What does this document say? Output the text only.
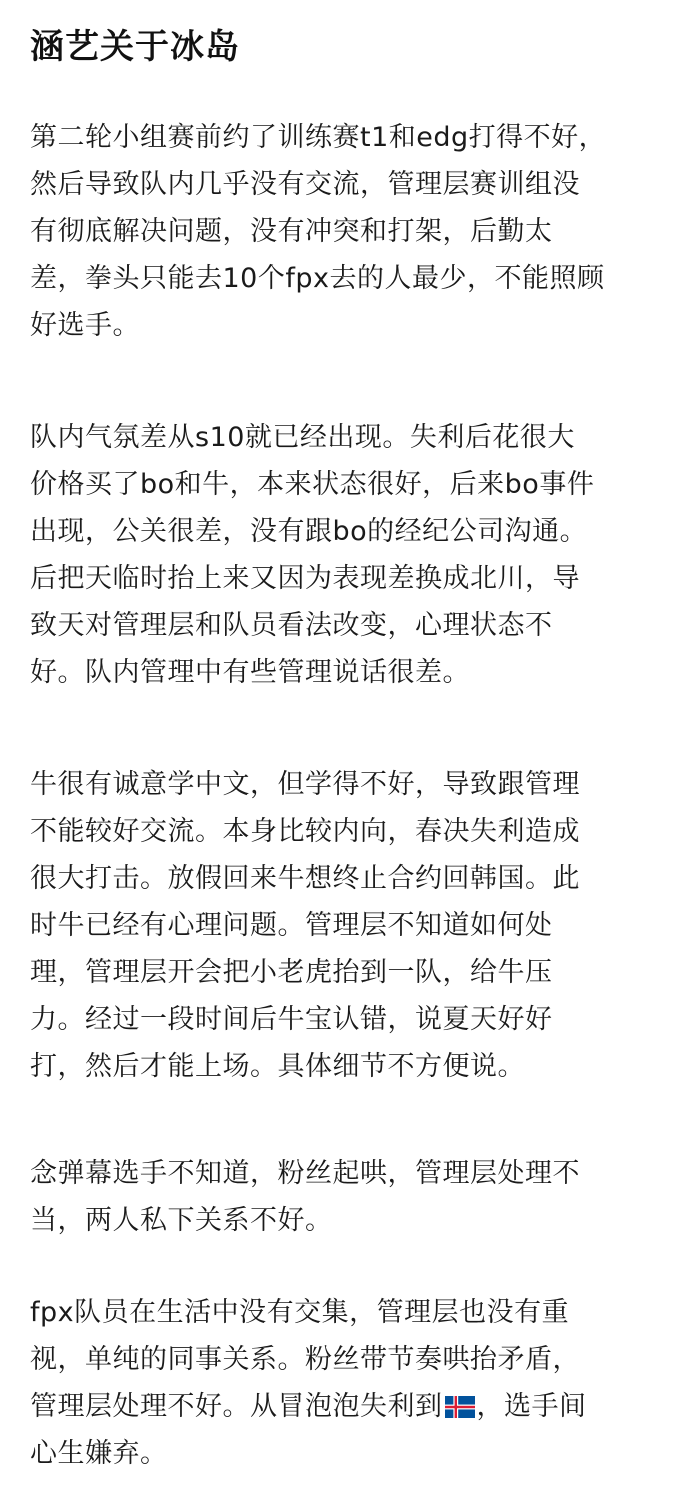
涵艺关于冰岛
第二轮小组赛前约了训练赛t1和edg打得不好，
然后导致队内几乎没有交流，管理层赛训组没
有彻底解决问题，没有冲突和打架，后勤太
差，拳头只能去10个fpx去的人最少，不能照顾
好选手。
队内气氛差从s10就已经出现。失利后花很大
价格买了bo和牛，本来状态很好，后来bo事件
出现，公关很差，没有跟bo的经纪公司沟通。
后把天临时抬上来又因为表现差换成北川，导
致天对管理层和队员看法改变，心理状态不
好。队内管理中有些管理说话很差。
牛很有诚意学中文，但学得不好，导致跟管理
不能较好交流。本身比较内向，春决失利造成
很大打击。放假回来牛想终止合约回韩国。此
时牛已经有心理问题。管理层不知道如何处
理，管理层开会把小老虎抬到一队，给牛压
力。经过一段时间后牛宝认错，说夏天好好
打，然后才能上场。具体细节不方便说。
念弹幕选手不知道，粉丝起哄，管理层处理不
当，两人私下关系不好。
fpx队员在生活中没有交集，管理层也没有重
视，单纯的同事关系。粉丝带节奏哄抬矛盾，
管理层处理不好。从冒泡泡失利到 ，选手间
心生嫌弃。
